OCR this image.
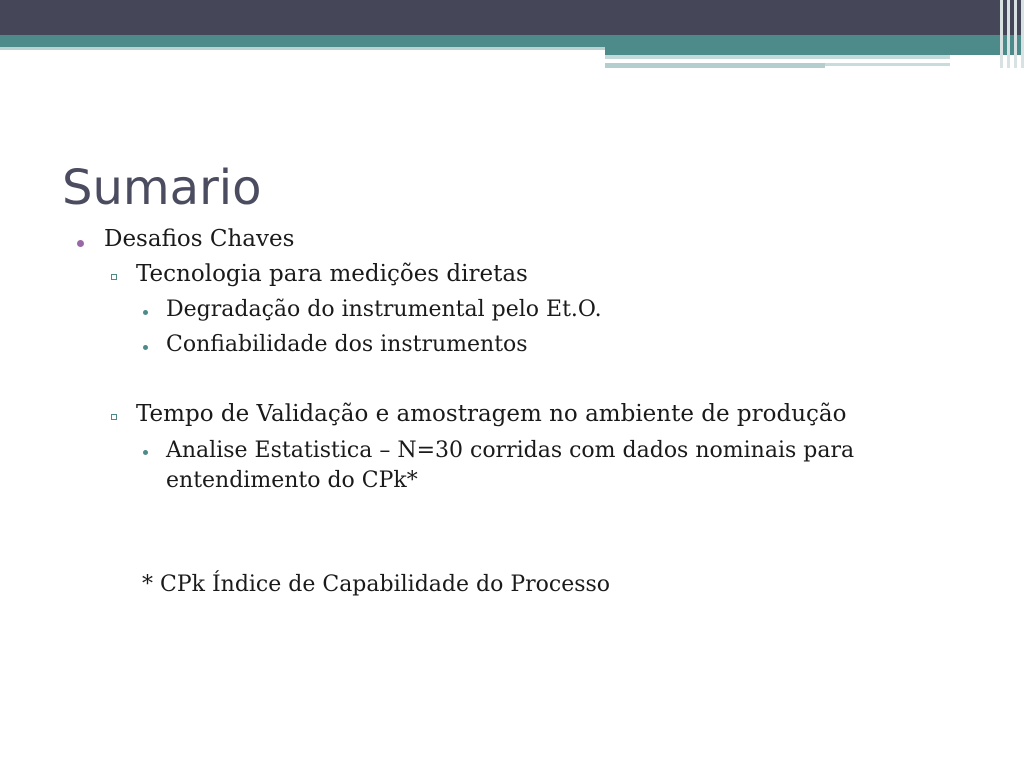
Sumario
Desafios Chaves
Tecnologia para medições diretas
Degradação do instrumental pelo Et.O.
Confiabilidade dos instrumentos
Tempo de Validação e amostragem no ambiente de produção
Analise Estatistica – N=30 corridas com dados nominais para entendimento do CPk*
* CPk Índice de Capabilidade do Processo
